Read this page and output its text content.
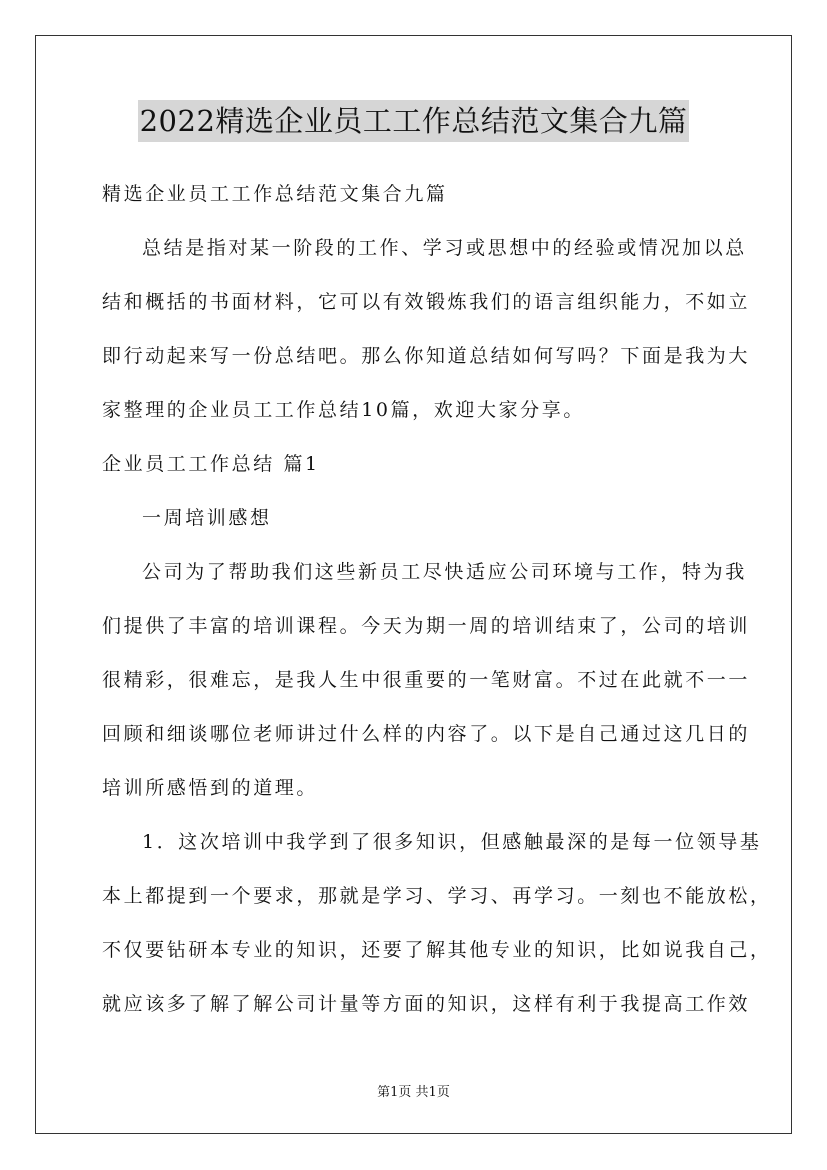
2022精选企业员工工作总结范文集合九篇
精选企业员工工作总结范文集合九篇
总结是指对某一阶段的工作、学习或思想中的经验或情况加以总
结和概括的书面材料，它可以有效锻炼我们的语言组织能力，不如立
即行动起来写一份总结吧。那么你知道总结如何写吗？下面是我为大
家整理的企业员工工作总结10篇，欢迎大家分享。
企业员工工作总结 篇1
一周培训感想
公司为了帮助我们这些新员工尽快适应公司环境与工作，特为我
们提供了丰富的培训课程。今天为期一周的培训结束了，公司的培训
很精彩，很难忘，是我人生中很重要的一笔财富。不过在此就不一一
回顾和细谈哪位老师讲过什么样的内容了。以下是自己通过这几日的
培训所感悟到的道理。
1．这次培训中我学到了很多知识，但感触最深的是每一位领导基
本上都提到一个要求，那就是学习、学习、再学习。一刻也不能放松，
不仅要钻研本专业的知识，还要了解其他专业的知识，比如说我自己，
就应该多了解了解公司计量等方面的知识，这样有利于我提高工作效
第1页 共1页
